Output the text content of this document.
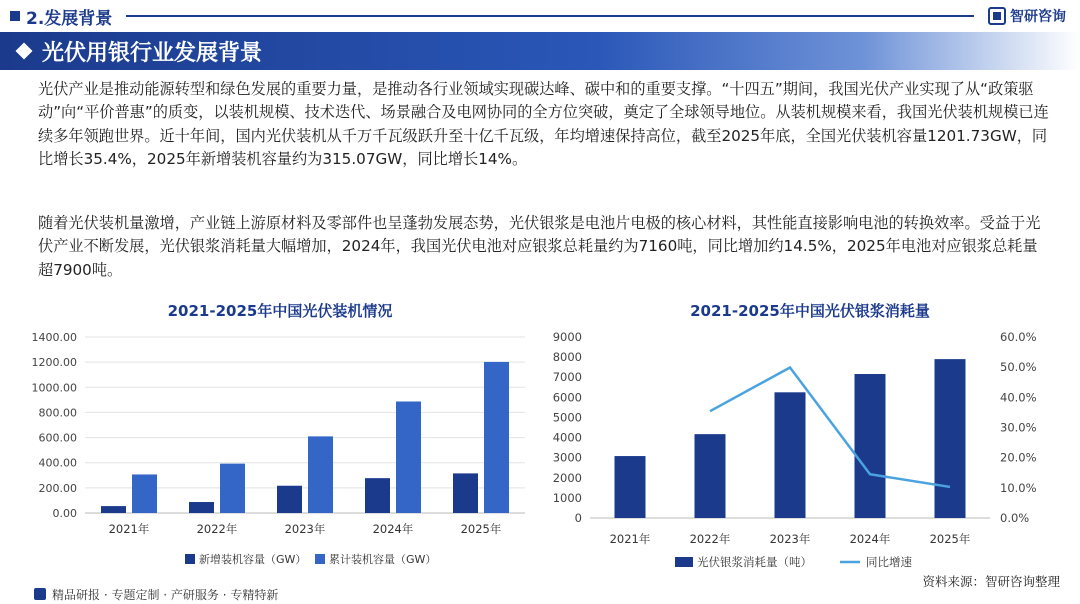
2.发展背景	智研咨询
光伏用银行业发展背景
光伏产业是推动能源转型和绿色发展的重要力量，是推动各行业领域实现碳达峰、碳中和的重要支撑。“十四五”期间，我国光伏产业实现了从“政策驱动”向“平价普惠”的质变，以装机规模、技术迭代、场景融合及电网协同的全方位突破，奠定了全球领导地位。从装机规模来看，我国光伏装机规模已连续多年领跑世界。近十年间，国内光伏装机从千万千瓦级跃升至十亿千瓦级，年均增速保持高位，截至2025年底，全国光伏装机容量1201.73GW，同比增长35.4%，2025年新增装机容量约为315.07GW，同比增长14%。
随着光伏装机量激增，产业链上游原材料及零部件也呈蓬勃发展态势，光伏银浆是电池片电极的核心材料，其性能直接影响电池的转换效率。受益于光伏产业不断发展，光伏银浆消耗量大幅增加，2024年，我国光伏电池对应银浆总耗量约为7160吨，同比增加约14.5%，2025年电池对应银浆总耗量超7900吨。
2021-2025年中国光伏装机情况	2021-2025年中国光伏银浆消耗量
0.00
200.00
400.00
600.00
800.00
1000.00
1200.00
1400.00
2021年	2022年	2023年	2024年	2025年
新增装机容量（GW） 累计装机容量（GW）
0
1000
2000
3000
4000
5000
6000
7000
8000
9000
0.0%
10.0%
20.0%
30.0%
40.0%
50.0%
60.0%
2021年	2022年	2023年	2024年	2025年
光伏银浆消耗量（吨）	同比增速
资料来源：智研咨询整理
精品研报 · 专题定制 · 产研服务 · 专精特新
